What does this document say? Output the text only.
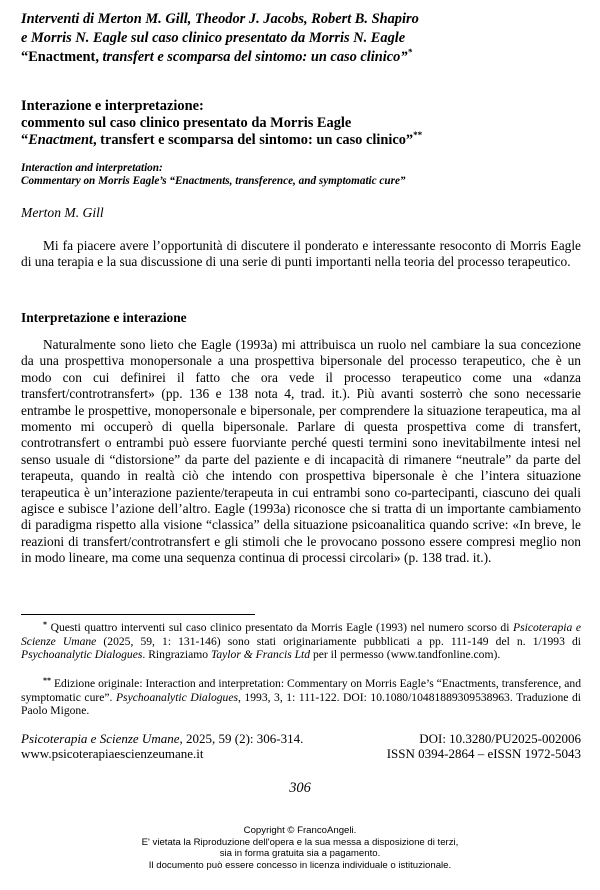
Interventi di Merton M. Gill, Theodor J. Jacobs, Robert B. Shapiro
e Morris N. Eagle sul caso clinico presentato da Morris N. Eagle
“Enactment, transfert e scomparsa del sintomo: un caso clinico”*
Interazione e interpretazione:
commento sul caso clinico presentato da Morris Eagle
“Enactment, transfert e scomparsa del sintomo: un caso clinico”**
Interaction and interpretation:
Commentary on Morris Eagle’s “Enactments, transference, and symptomatic cure”
Merton M. Gill
Mi fa piacere avere l’opportunità di discutere il ponderato e interessante resoconto di Morris Eagle di una terapia e la sua discussione di una serie di punti importanti nella teoria del processo terapeutico.
Interpretazione e interazione
Naturalmente sono lieto che Eagle (1993a) mi attribuisca un ruolo nel cambiare la sua concezione da una prospettiva monopersonale a una prospettiva bipersonale del processo terapeutico, che è un modo con cui definirei il fatto che ora vede il processo terapeutico come una «danza transfert/controtransfert» (pp. 136 e 138 nota 4, trad. it.). Più avanti sosterrò che sono necessarie entrambe le prospettive, monopersonale e bipersonale, per comprendere la situazione terapeutica, ma al momento mi occuperò di quella bipersonale. Parlare di questa prospettiva come di transfert, controtransfert o entrambi può essere fuorviante perché questi termini sono inevitabilmente intesi nel senso usuale di “distorsione” da parte del paziente e di incapacità di rimanere “neutrale” da parte del terapeuta, quando in realtà ciò che intendo con prospettiva bipersonale è che l’intera situazione terapeutica è un’interazione paziente/terapeuta in cui entrambi sono co-partecipanti, ciascuno dei quali agisce e subisce l’azione dell’altro. Eagle (1993a) riconosce che si tratta di un importante cambiamento di paradigma rispetto alla visione “classica” della situazione psicoanalitica quando scrive: «In breve, le reazioni di transfert/controtransfert e gli stimoli che le provocano possono essere compresi meglio non in modo lineare, ma come una sequenza continua di processi circolari» (p. 138 trad. it.).
* Questi quattro interventi sul caso clinico presentato da Morris Eagle (1993) nel numero scorso di Psicoterapia e Scienze Umane (2025, 59, 1: 131-146) sono stati originariamente pubblicati a pp. 111-149 del n. 1/1993 di Psychoanalytic Dialogues. Ringraziamo Taylor & Francis Ltd per il permesso (www.tandfonline.com).
** Edizione originale: Interaction and interpretation: Commentary on Morris Eagle’s “Enactments, transference, and symptomatic cure”. Psychoanalytic Dialogues, 1993, 3, 1: 111-122. DOI: 10.1080/10481889309538963. Traduzione di Paolo Migone.
Psicoterapia e Scienze Umane, 2025, 59 (2): 306-314.	DOI: 10.3280/PU2025-002006
www.psicoterapiaescienzeumane.it	ISSN 0394-2864 – eISSN 1972-5043
306
Copyright © FrancoAngeli.
E' vietata la Riproduzione dell'opera e la sua messa a disposizione di terzi,
sia in forma gratuita sia a pagamento.
Il documento può essere concesso in licenza individuale o istituzionale.
